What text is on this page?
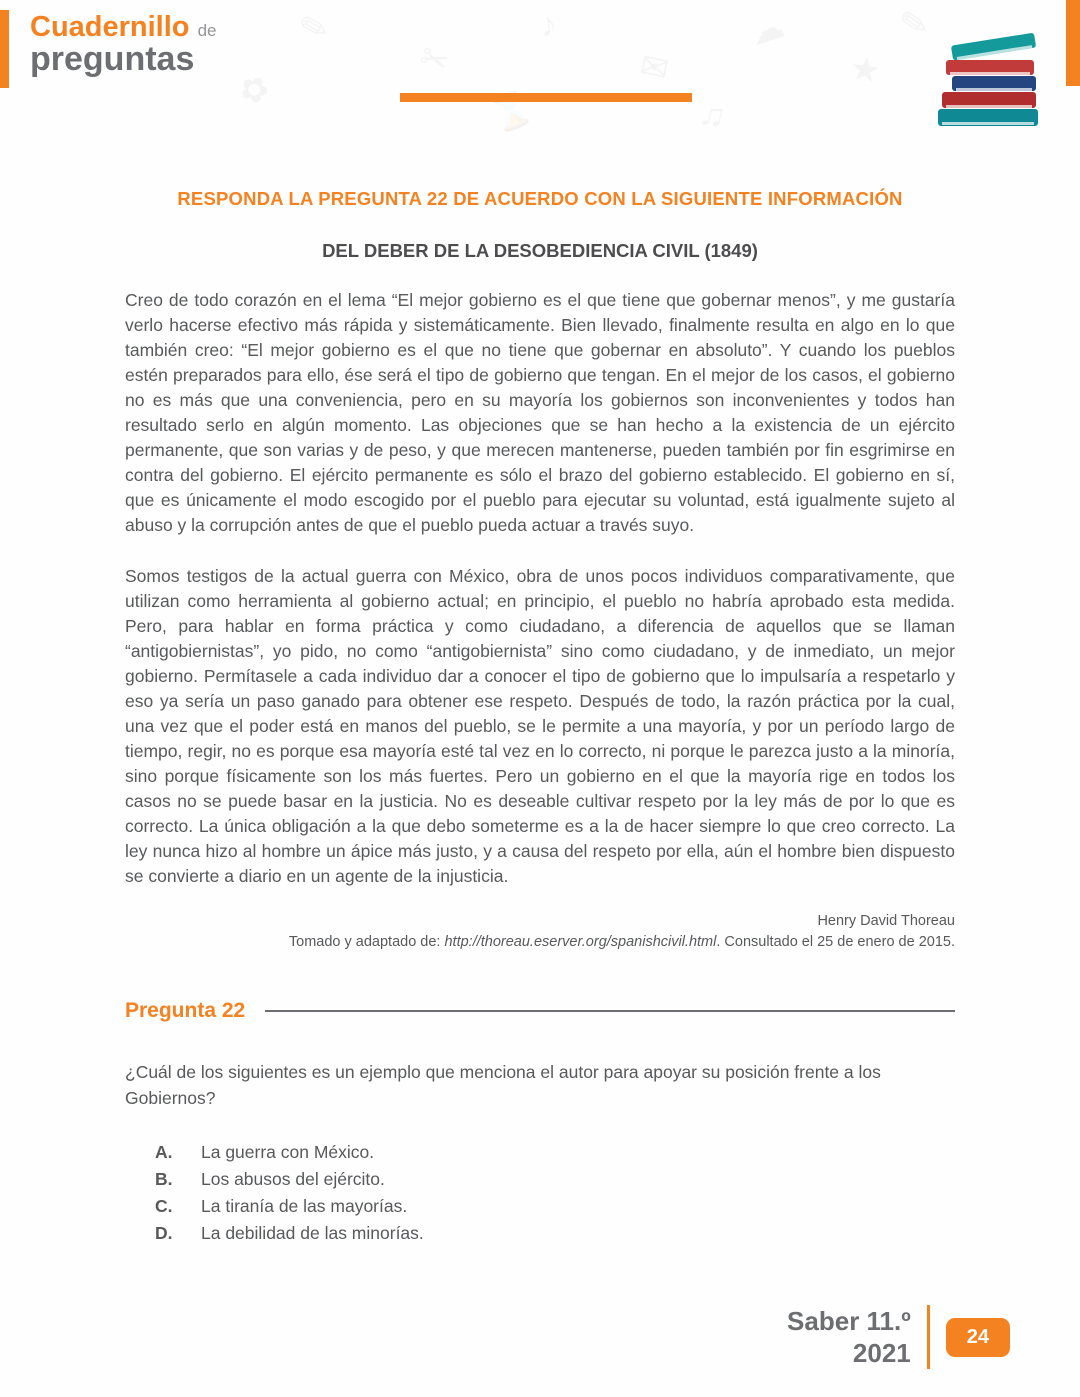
✎
✂
♪
✉
☁
★
✿	⌛	♫
✎
Cuadernillo de
preguntas
RESPONDA LA PREGUNTA 22 DE ACUERDO CON LA SIGUIENTE INFORMACIÓN
DEL DEBER DE LA DESOBEDIENCIA CIVIL (1849)

Creo de todo corazón en el lema “El mejor gobierno es el que tiene que gobernar menos”, y me gustaría verlo hacerse efectivo más rápida y sistemáticamente. Bien llevado, finalmente resulta en algo en lo que también creo: “El mejor gobierno es el que no tiene que gobernar en absoluto”. Y cuando los pueblos estén preparados para ello, ése será el tipo de gobierno que tengan. En el mejor de los casos, el gobierno no es más que una conveniencia, pero en su mayoría los gobiernos son inconvenientes y todos han resultado serlo en algún momento. Las objeciones que se han hecho a la existencia de un ejército permanente, que son varias y de peso, y que merecen mantenerse, pueden también por fin esgrimirse en contra del gobierno. El ejército permanente es sólo el brazo del gobierno establecido. El gobierno en sí, que es únicamente el modo escogido por el pueblo para ejecutar su voluntad, está igualmente sujeto al abuso y la corrupción antes de que el pueblo pueda actuar a través suyo.

Somos testigos de la actual guerra con México, obra de unos pocos individuos comparativamente, que utilizan como herramienta al gobierno actual; en principio, el pueblo no habría aprobado esta medida. Pero, para hablar en forma práctica y como ciudadano, a diferencia de aquellos que se llaman “antigobiernistas”, yo pido, no como “antigobiernista” sino como ciudadano, y de inmediato, un mejor gobierno. Permítasele a cada individuo dar a conocer el tipo de gobierno que lo impulsaría a respetarlo y eso ya sería un paso ganado para obtener ese respeto. Después de todo, la razón práctica por la cual, una vez que el poder está en manos del pueblo, se le permite a una mayoría, y por un período largo de tiempo, regir, no es porque esa mayoría esté tal vez en lo correcto, ni porque le parezca justo a la minoría, sino porque físicamente son los más fuertes. Pero un gobierno en el que la mayoría rige en todos los casos no se puede basar en la justicia. No es deseable cultivar respeto por la ley más de por lo que es correcto. La única obligación a la que debo someterme es a la de hacer siempre lo que creo correcto. La ley nunca hizo al hombre un ápice más justo, y a causa del respeto por ella, aún el hombre bien dispuesto se convierte a diario en un agente de la injusticia.

Henry David Thoreau
Tomado y adaptado de: http://thoreau.eserver.org/spanishcivil.html. Consultado el 25 de enero de 2015.
Pregunta 22

¿Cuál de los siguientes es un ejemplo que menciona el autor para apoyar su posición frente a los Gobiernos?

A. La guerra con México.
B. Los abusos del ejército.
C. La tiranía de las mayorías.
D. La debilidad de las minorías.
Saber 11.º
2021
24
